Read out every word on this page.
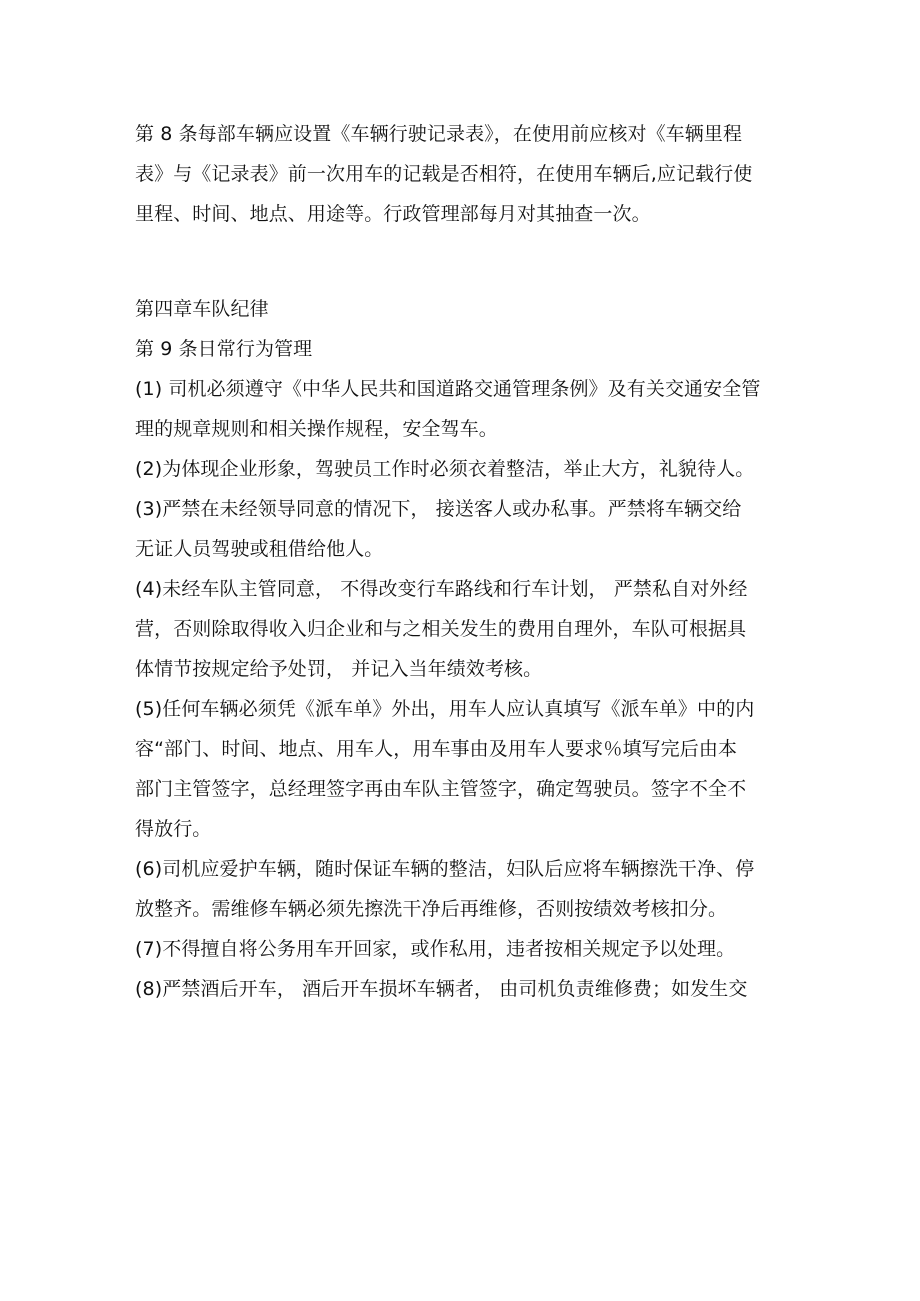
第 8 条每部车辆应设置《车辆行驶记录表》，在使用前应核对《车辆里程
表》与《记录表》前一次用车的记载是否相符，在使用车辆后,应记载行使
里程、时间、地点、用途等。行政管理部每月对其抽查一次。
第四章车队纪律
第 9 条日常行为管理
(1) 司机必须遵守《中华人民共和国道路交通管理条例》及有关交通安全管
理的规章规则和相关操作规程，安全驾车。
(2)为体现企业形象，驾驶员工作时必须衣着整洁，举止大方，礼貌待人。
(3)严禁在未经领导同意的情况下， 接送客人或办私事。严禁将车辆交给
无证人员驾驶或租借给他人。
(4)未经车队主管同意， 不得改变行车路线和行车计划， 严禁私自对外经
营，否则除取得收入归企业和与之相关发生的费用自理外，车队可根据具
体情节按规定给予处罚， 并记入当年绩效考核。
(5)任何车辆必须凭《派车单》外出，用车人应认真填写《派车单》中的内
容“部门、时间、地点、用车人，用车事由及用车人要求％填写完后由本
部门主管签字，总经理签字再由车队主管签字，确定驾驶员。签字不全不
得放行。
(6)司机应爱护车辆，随时保证车辆的整洁，妇队后应将车辆擦洗干净、停
放整齐。需维修车辆必须先擦洗干净后再维修，否则按绩效考核扣分。
(7)不得擅自将公务用车开回家，或作私用，违者按相关规定予以处理。
(8)严禁酒后开车， 酒后开车损坏车辆者， 由司机负责维修费；如发生交
